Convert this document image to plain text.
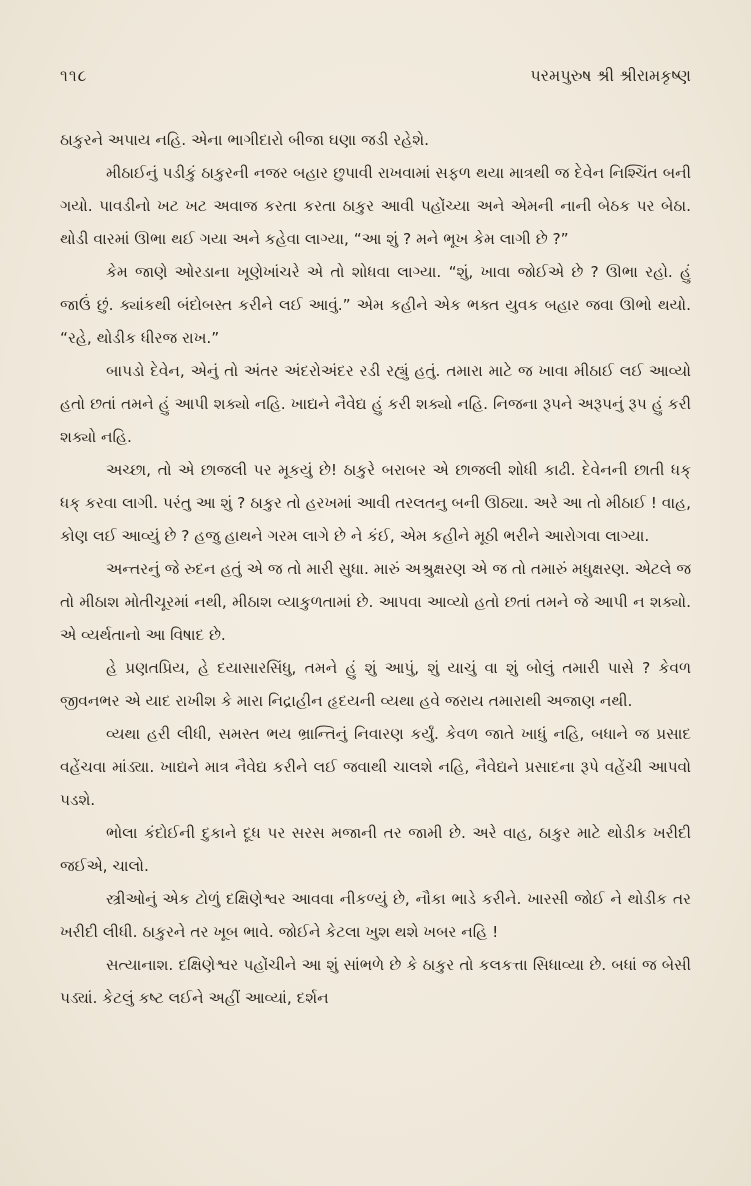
૧૧૮	પરમપુરુષ શ્રી શ્રીરામકૃષ્ણ

ઠાકુરને અપાય નહિ. એના ભાગીદારો બીજા ઘણા જડી રહેશે.

મીઠાઈનું પડીકું ઠાકુરની નજર બહાર છુપાવી રાખવામાં સફળ થયા માત્રથી જ દેવેન નિશ્ચિંત બની ગયો. પાવડીનો ખટ ખટ અવાજ કરતા કરતા ઠાકુર આવી પહોંચ્યા અને એમની નાની બેઠક પર બેઠા. થોડી વારમાં ઊભા થઈ ગયા અને કહેવા લાગ્યા, “આ શું ? મને ભૂખ કેમ લાગી છે ?”

કેમ જાણે ઓરડાના ખૂણેખાંચરે એ તો શોધવા લાગ્યા. “શું, ખાવા જોઈએ છે ? ઊભા રહો. હું જાઉં છું. ક્યાંકથી બંદોબસ્ત કરીને લઈ આવું.” એમ કહીને એક ભક્ત યુવક બહાર જવા ઊભો થયો. “રહે, થોડીક ધીરજ રાખ.”

બાપડો દેવેન, એનું તો અંતર અંદરોઅંદર રડી રહ્યું હતું. તમારા માટે જ ખાવા મીઠાઈ લઈ આવ્યો હતો છતાં તમને હું આપી શક્યો નહિ. ખાદ્યને નૈવેદ્ય હું કરી શક્યો નહિ. નિજના રૂપને અરૂપનું રૂપ હું કરી શક્યો નહિ.

અચ્છા, તો એ છાજલી પર મૂકયું છે! ઠાકુરે બરાબર એ છાજલી શોધી કાઢી. દેવેનની છાતી ધક્ ધક્ કરવા લાગી. પરંતુ આ શું ? ઠાકુર તો હરખમાં આવી તરલતનુ બની ઊઠ્યા. અરે આ તો મીઠાઈ ! વાહ, કોણ લઈ આવ્યું છે ? હજુ હાથને ગરમ લાગે છે ને કંઈ, એમ કહીને મૂઠી ભરીને આરોગવા લાગ્યા.

અન્તરનું જે રુદન હતું એ જ તો મારી સુધા. મારું અશ્રુક્ષરણ એ જ તો તમારું મધુક્ષરણ. એટલે જ તો મીઠાશ મોતીચૂરમાં નથી, મીઠાશ વ્યાકુળતામાં છે. આપવા આવ્યો હતો છતાં તમને જે આપી ન શક્યો. એ વ્યર્થતાનો આ વિષાદ છે.

હે પ્રણતપ્રિય, હે દયાસારસિંધુ, તમને હું શું આપું, શું યાચું વા શું બોલું તમારી પાસે ? કેવળ જીવનભર એ યાદ રાખીશ કે મારા નિદ્રાહીન હૃદયની વ્યથા હવે જરાય તમારાથી અજાણ નથી.

વ્યથા હરી લીધી, સમસ્ત ભય ભ્રાન્તિનું નિવારણ કર્યું. કેવળ જાતે ખાધું નહિ, બધાને જ પ્રસાદ વહેંચવા માંડ્યા. ખાદ્યને માત્ર નૈવેદ્ય કરીને લઈ જવાથી ચાલશે નહિ, નૈવેદ્યને પ્રસાદના રૂપે વહેંચી આપવો પડશે.

ભોલા કંદોઈની દુકાને દૂધ પર સરસ મજાની તર જામી છે. અરે વાહ, ઠાકુર માટે થોડીક ખરીદી જઈએ, ચાલો.

સ્ત્રીઓનું એક ટોળું દક્ષિણેશ્વર આવવા નીકળ્યું છે, નૌકા ભાડે કરીને. ખારસી જોઈ ને થોડીક તર ખરીદી લીધી. ઠાકુરને તર ખૂબ ભાવે. જોઈને કેટલા ખુશ થશે ખબર નહિ !

સત્યાનાશ. દક્ષિણેશ્વર પહોંચીને આ શું સાંભળે છે કે ઠાકુર તો કલકત્તા સિધાવ્યા છે. બધાં જ બેસી પડ્યાં. કેટલું કષ્ટ લઈને અહીં આવ્યાં, દર્શન
